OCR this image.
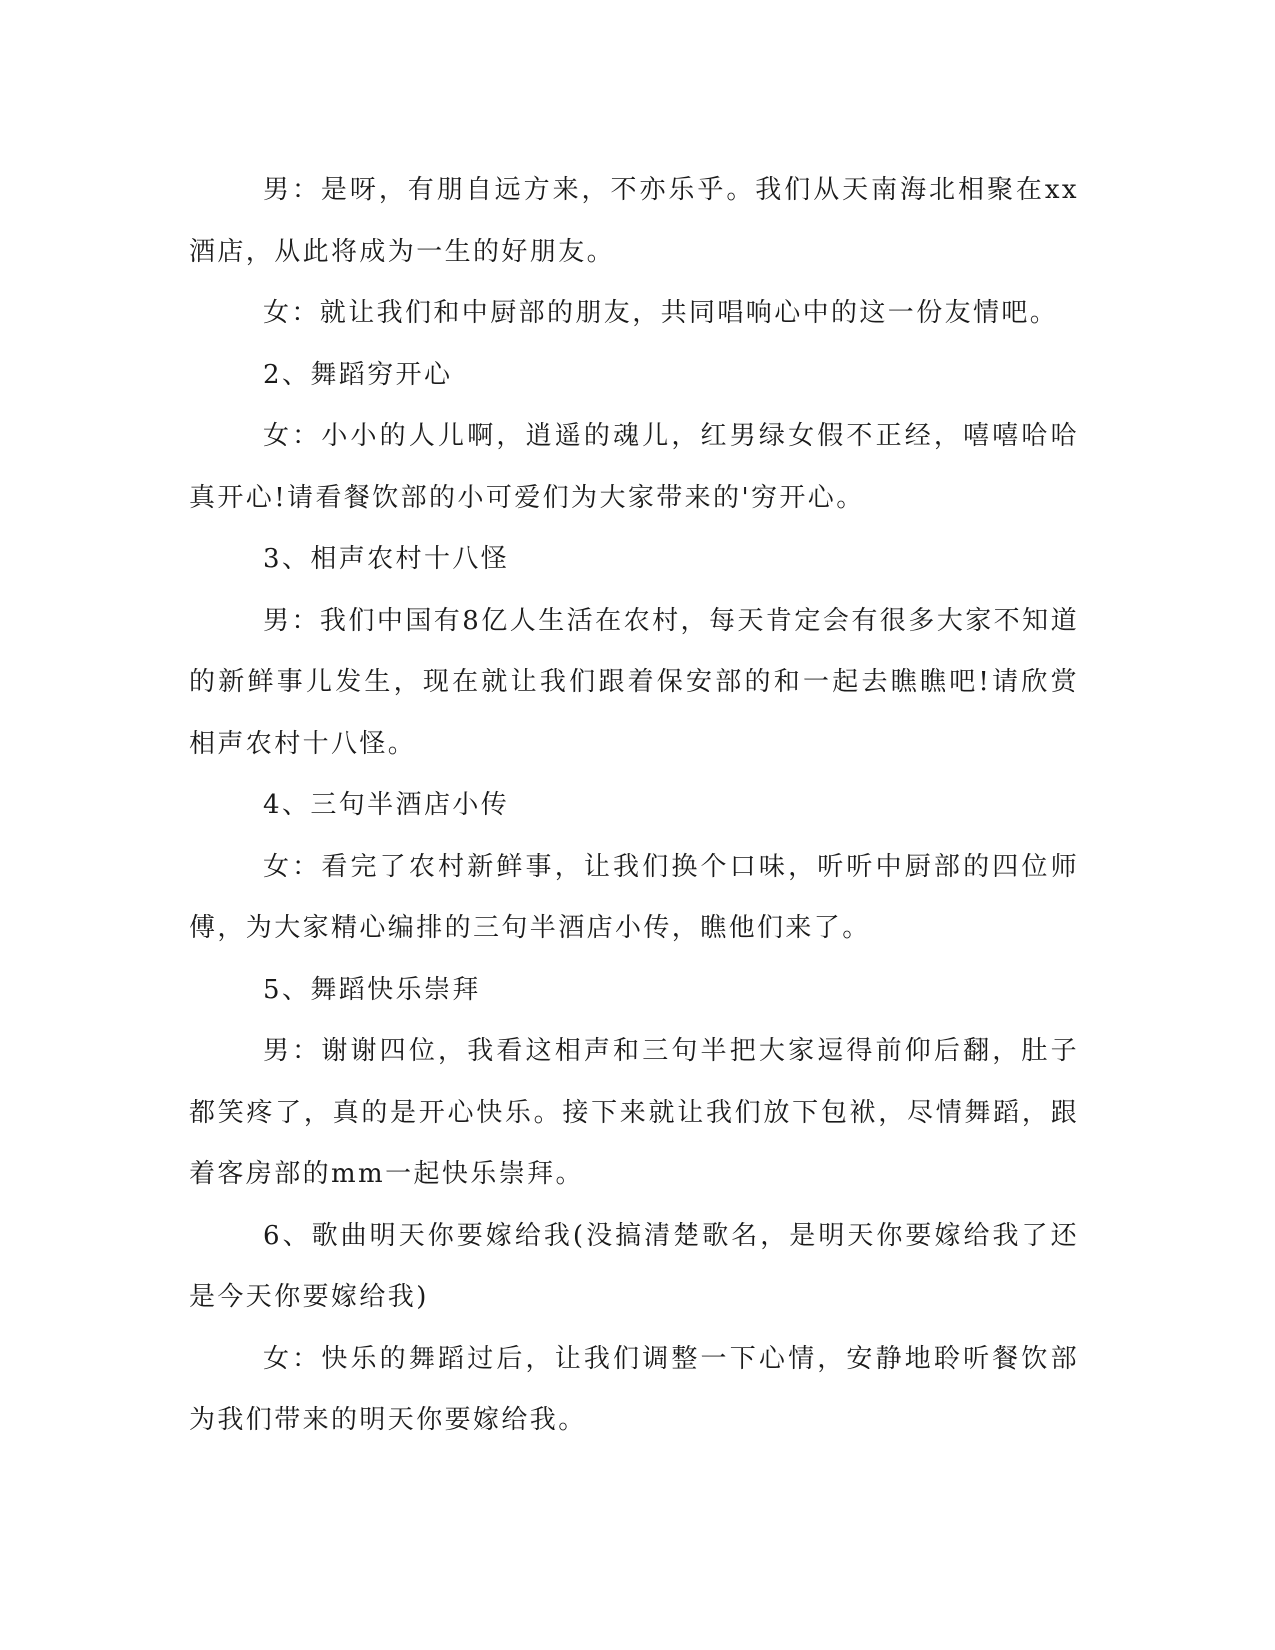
男：是呀，有朋自远方来，不亦乐乎。我们从天南海北相聚在xx酒店，从此将成为一生的好朋友。

女：就让我们和中厨部的朋友，共同唱响心中的这一份友情吧。

2、舞蹈穷开心

女：小小的人儿啊，逍遥的魂儿，红男绿女假不正经，嘻嘻哈哈真开心!请看餐饮部的小可爱们为大家带来的'穷开心。

3、相声农村十八怪

男：我们中国有8亿人生活在农村，每天肯定会有很多大家不知道的新鲜事儿发生，现在就让我们跟着保安部的和一起去瞧瞧吧!请欣赏相声农村十八怪。

4、三句半酒店小传

女：看完了农村新鲜事，让我们换个口味，听听中厨部的四位师傅，为大家精心编排的三句半酒店小传，瞧他们来了。

5、舞蹈快乐崇拜

男：谢谢四位，我看这相声和三句半把大家逗得前仰后翻，肚子都笑疼了，真的是开心快乐。接下来就让我们放下包袱，尽情舞蹈，跟着客房部的mm一起快乐崇拜。

6、歌曲明天你要嫁给我(没搞清楚歌名，是明天你要嫁给我了还是今天你要嫁给我)

女：快乐的舞蹈过后，让我们调整一下心情，安静地聆听餐饮部为我们带来的明天你要嫁给我。
